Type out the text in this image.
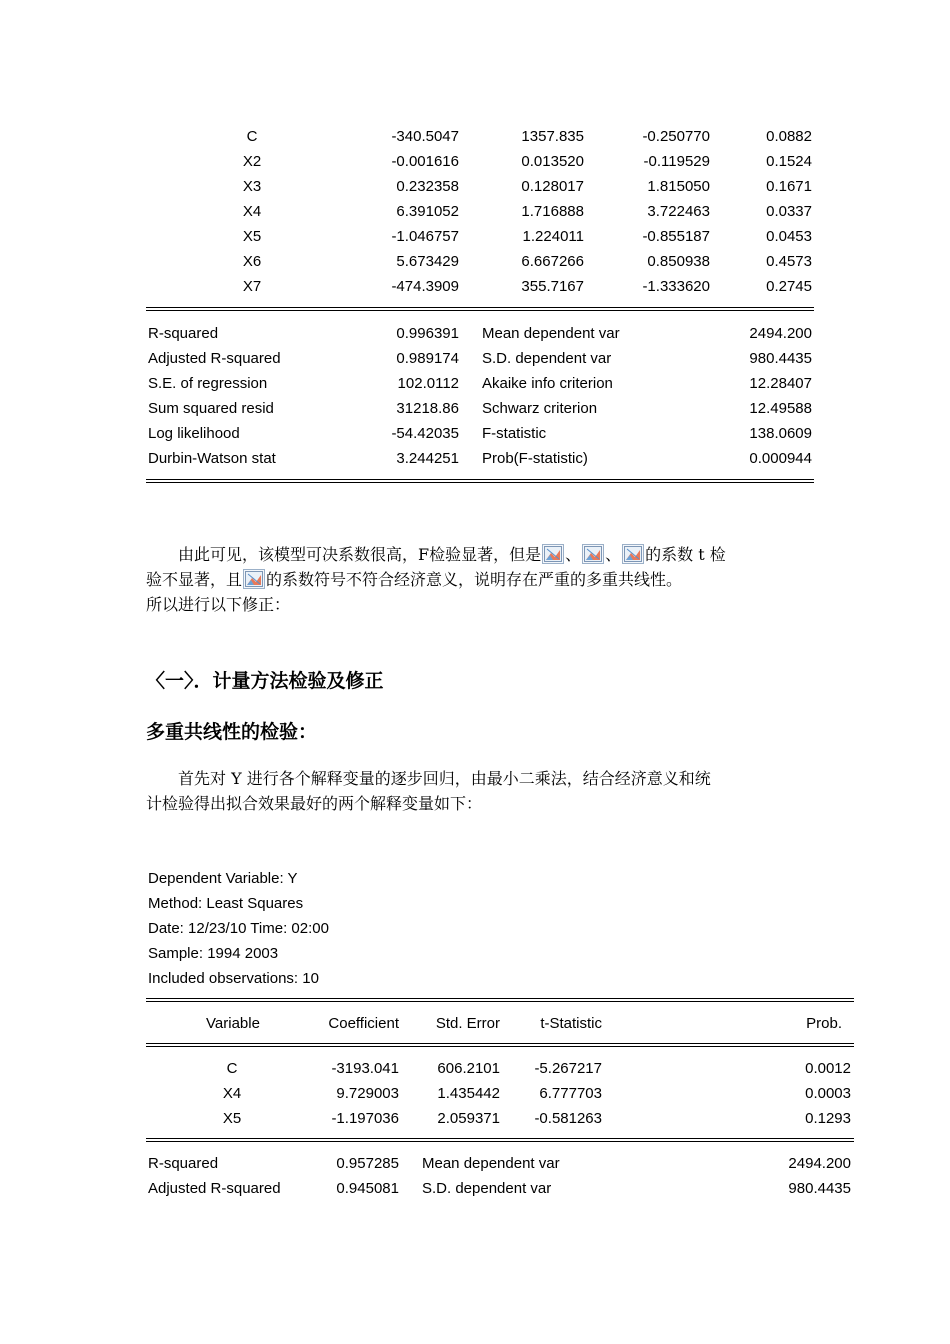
C	-340.5047	1357.835	-0.250770	0.0882
X2	-0.001616	0.013520	-0.119529	0.1524
X3	0.232358	0.128017	1.815050	0.1671
X4	6.391052	1.716888	3.722463	0.0337
X5	-1.046757	1.224011	-0.855187	0.0453
X6	5.673429	6.667266	0.850938	0.4573
X7	-474.3909	355.7167	-1.333620	0.2745
R-squared	0.996391 Mean dependent var	2494.200
Adjusted R-squared	0.989174 S.D. dependent var	980.4435
S.E. of regression	102.0112 Akaike info criterion	12.28407
Sum squared resid	31218.86 Schwarz criterion	12.49588
Log likelihood	-54.42035 F-statistic	138.0609
Durbin-Watson stat	3.244251 Prob(F-statistic)	0.000944
由此可见，该模型可决系数很高，F检验显著，但是 、 、 的系数 t 检
验不显著，且 的系数符号不符合经济意义，说明存在严重的多重共线性。
所以进行以下修正：
〈一〉．计量方法检验及修正
多重共线性的检验：
首先对 Y 进行各个解释变量的逐步回归，由最小二乘法，结合经济意义和统
计检验得出拟合效果最好的两个解释变量如下：
Dependent Variable: Y
Method: Least Squares
Date: 12/23/10 Time: 02:00
Sample: 1994 2003
Included observations: 10
Variable	Coefficient	Std. Error	t-Statistic	Prob.
C	-3193.041	606.2101	-5.267217	0.0012
X4	9.729003	1.435442	6.777703	0.0003
X5	-1.197036	2.059371	-0.581263	0.1293
R-squared	0.957285 Mean dependent var	2494.200
Adjusted R-squared	0.945081 S.D. dependent var	980.4435
